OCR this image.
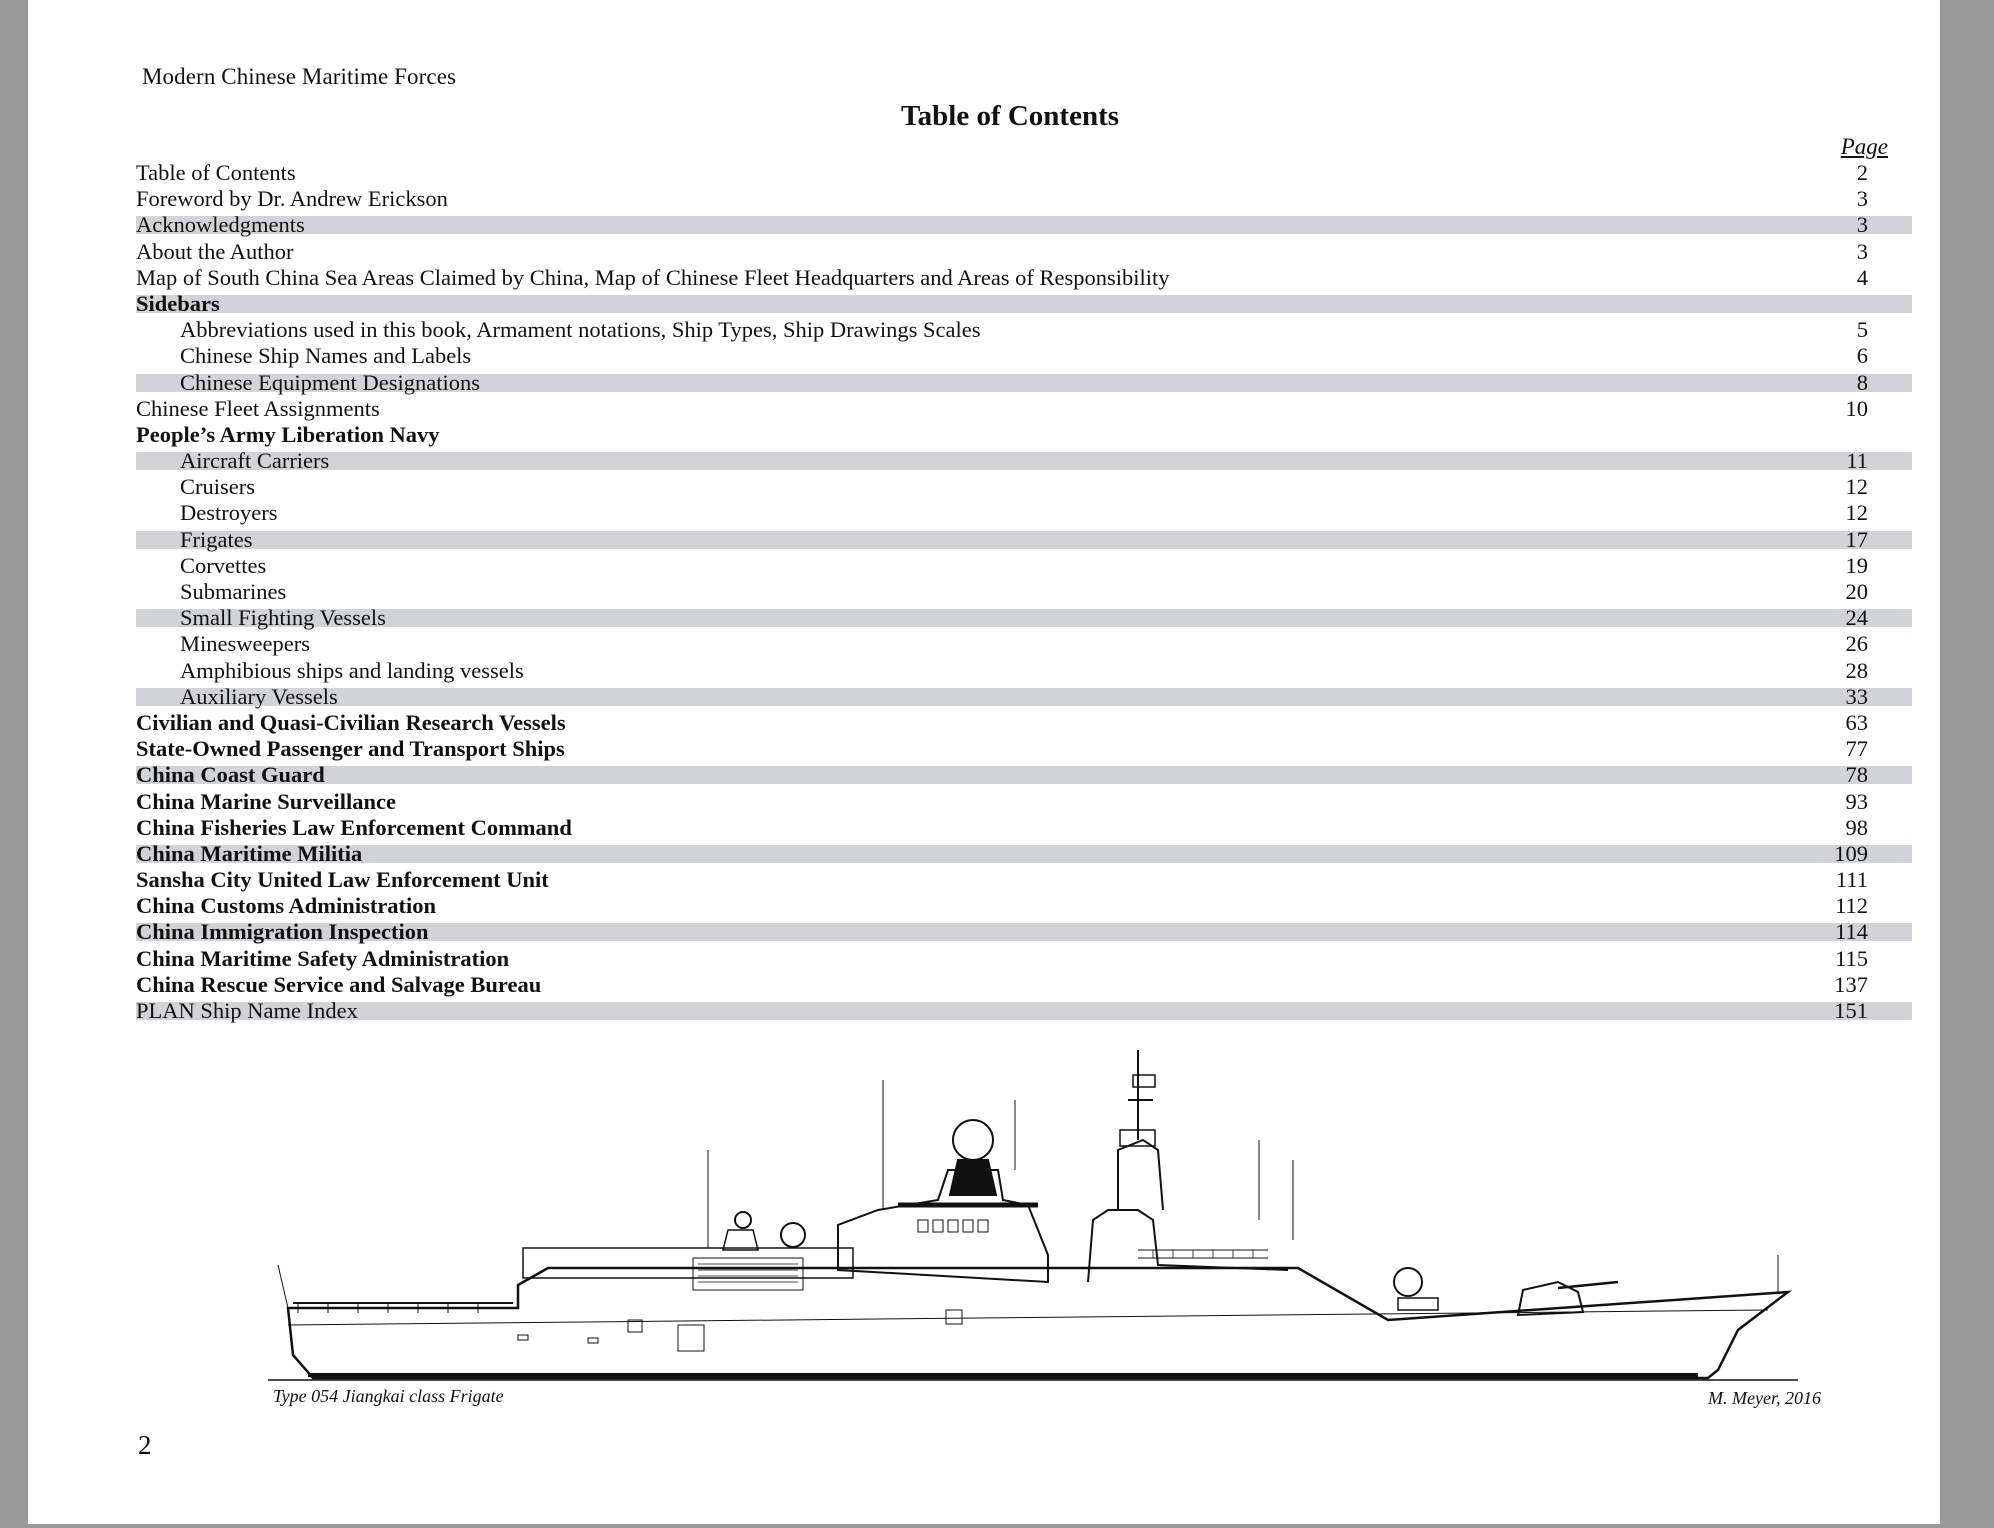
Modern Chinese Maritime Forces
Table of Contents
Page
Table of Contents	2
Foreword by Dr. Andrew Erickson	3
Acknowledgments	3
About the Author	3
Map of South China Sea Areas Claimed by China, Map of Chinese Fleet Headquarters and Areas of Responsibility	4
Sidebars
Abbreviations used in this book, Armament notations, Ship Types, Ship Drawings Scales	5
Chinese Ship Names and Labels	6
Chinese Equipment Designations	8
Chinese Fleet Assignments	10
People’s Army Liberation Navy
Aircraft Carriers	11
Cruisers	12
Destroyers	12
Frigates	17
Corvettes	19
Submarines	20
Small Fighting Vessels	24
Minesweepers	26
Amphibious ships and landing vessels	28
Auxiliary Vessels	33
Civilian and Quasi-Civilian Research Vessels	63
State-Owned Passenger and Transport Ships	77
China Coast Guard	78
China Marine Surveillance	93
China Fisheries Law Enforcement Command	98
China Maritime Militia	109
Sansha City United Law Enforcement Unit	111
China Customs Administration	112
China Immigration Inspection	114
China Maritime Safety Administration	115
China Rescue Service and Salvage Bureau	137
PLAN Ship Name Index	151
Type 054 Jiangkai class Frigate	M. Meyer, 2016
2
